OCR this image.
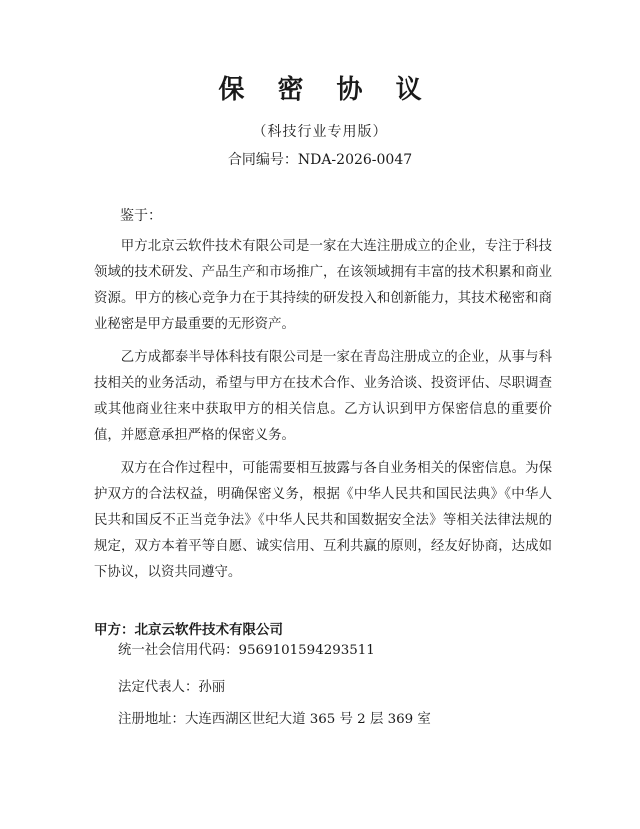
保 密 协 议
（科技行业专用版）
合同编号：NDA-2026-0047
鉴于：

甲方北京云软件技术有限公司是一家在大连注册成立的企业，专注于科技领域的技术研发、产品生产和市场推广，在该领域拥有丰富的技术积累和商业资源。甲方的核心竞争力在于其持续的研发投入和创新能力，其技术秘密和商业秘密是甲方最重要的无形资产。

乙方成都泰半导体科技有限公司是一家在青岛注册成立的企业，从事与科技相关的业务活动，希望与甲方在技术合作、业务洽谈、投资评估、尽职调查或其他商业往来中获取甲方的相关信息。乙方认识到甲方保密信息的重要价值，并愿意承担严格的保密义务。

双方在合作过程中，可能需要相互披露与各自业务相关的保密信息。为保护双方的合法权益，明确保密义务，根据《中华人民共和国民法典》《中华人民共和国反不正当竞争法》《中华人民共和国数据安全法》等相关法律法规的规定，双方本着平等自愿、诚实信用、互利共赢的原则，经友好协商，达成如下协议，以资共同遵守。

甲方：北京云软件技术有限公司
统一社会信用代码：9569101594293511
法定代表人：孙丽
注册地址：大连西湖区世纪大道 365 号 2 层 369 室
